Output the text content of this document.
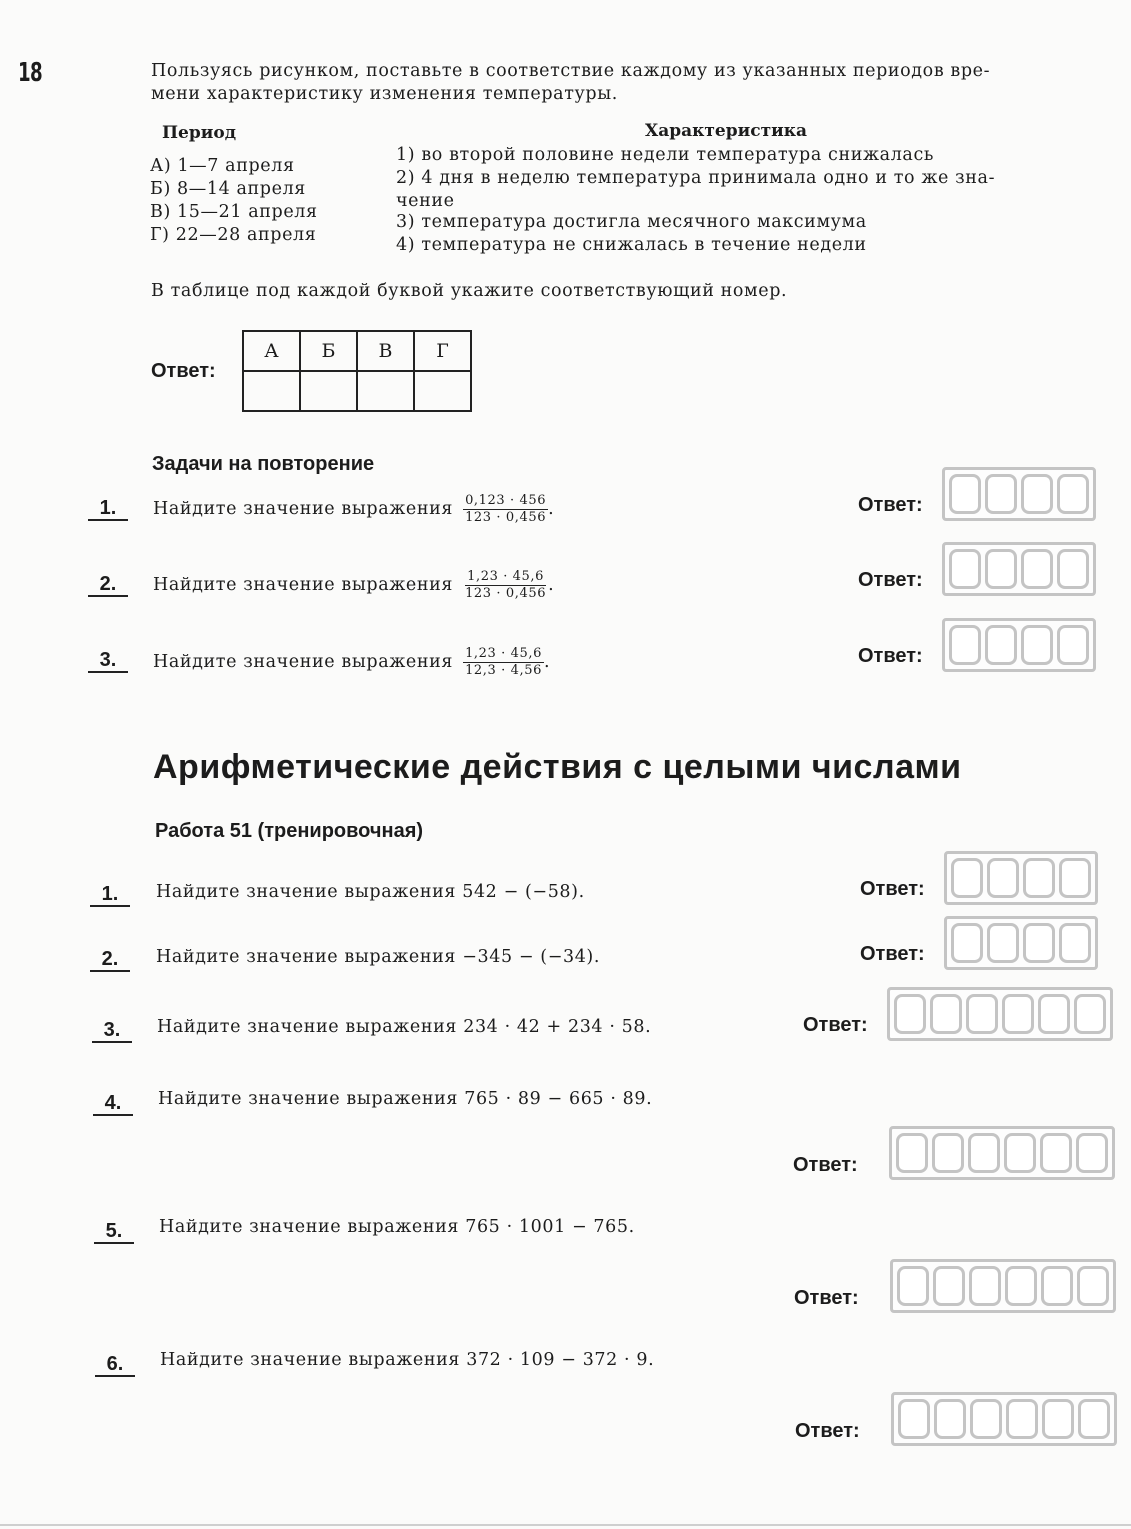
18	Пользуясь рисунком, поставьте в соответствие каждому из указанных периодов вре-
мени характеристику изменения температуры.
Период
А) 1—7 апреля
Б) 8—14 апреля
В) 15—21 апреля
Г) 22—28 апреля
Характеристика
1) во второй половине недели температура снижалась
2) 4 дня в неделю температура принимала одно и то же зна-
чение
3) температура достигла месячного максимума
4) температура не снижалась в течение недели
В таблице под каждой буквой укажите соответствующий номер.
Ответ:
А	Б	В	Г

Задачи на повторение
1.	Найдите значение выражения $\frac{0,123 \cdot 456}{123 \cdot 0,456}$ .	Ответ:
2.	Найдите значение выражения $\frac{1,23 \cdot 45,6}{123 \cdot 0,456}$ .	Ответ:
3.	Найдите значение выражения $\frac{1,23 \cdot 45,6}{12,3 \cdot 4,56}$ .	Ответ:
Арифметические действия с целыми числами
Работа 51 (тренировочная)
1.	Найдите значение выражения 542 − (−58).	Ответ:
2.	Найдите значение выражения −345 − (−34).	Ответ:
3.	Найдите значение выражения 234 · 42 + 234 · 58.	Ответ:
4.	Найдите значение выражения 765 · 89 − 665 · 89.
Ответ:
5.	Найдите значение выражения 765 · 1001 − 765.
Ответ:
6.	Найдите значение выражения 372 · 109 − 372 · 9.
Ответ:
